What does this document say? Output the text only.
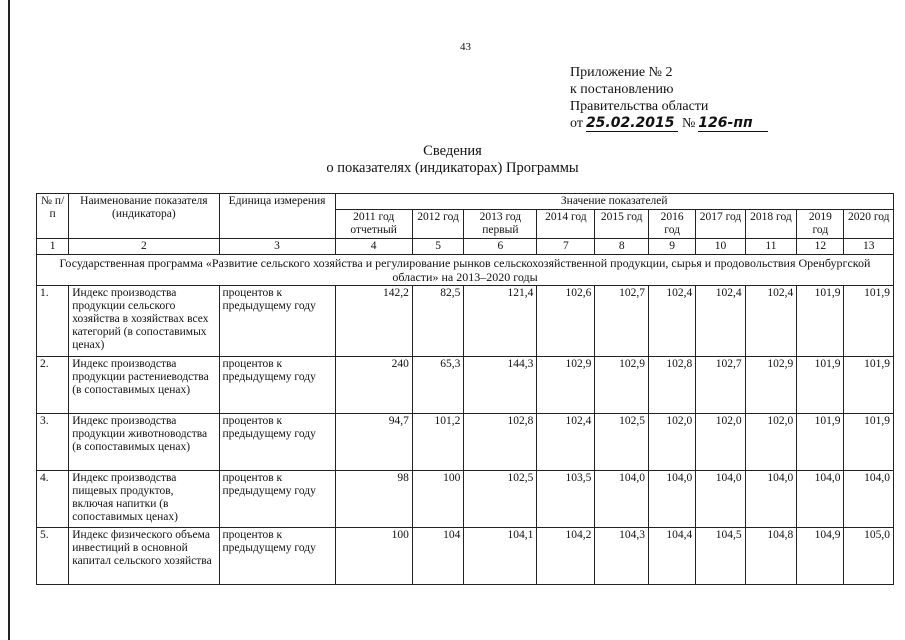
43
Приложение № 2
к постановлению
Правительства области
от 25.02.2015 № 126-пп
Сведения
о показателях (индикаторах) Программы
№ п/п	Наименование показателя (индикатора)	Единица измерения	Значение показателей									
			2011 год отчетный	2012 год	2013 год первый	2014 год	2015 год	2016 год	2017 год	2018 год	2019 год	2020 год
1	2	3	4	5	6	7	8	9	10	11	12	13
Государственная программа «Развитие сельского хозяйства и регулирование рынков сельскохозяйственной продукции, сырья и продовольствия Оренбургской области» на 2013–2020 годы												
1.	Индекс производства продукции сельского хозяйства в хозяйствах всех категорий (в сопоставимых ценах)	процентов к предыдущему году	142,2	82,5	121,4	102,6	102,7	102,4	102,4	102,4	101,9	101,9
2.	Индекс производства продукции растениеводства (в сопоставимых ценах)	процентов к предыдущему году	240	65,3	144,3	102,9	102,9	102,8	102,7	102,9	101,9	101,9
3.	Индекс производства продукции животноводства (в сопоставимых ценах)	процентов к предыдущему году	94,7	101,2	102,8	102,4	102,5	102,0	102,0	102,0	101,9	101,9
4.	Индекс производства пищевых продуктов, включая напитки (в сопоставимых ценах)	процентов к предыдущему году	98	100	102,5	103,5	104,0	104,0	104,0	104,0	104,0	104,0
5.	Индекс физического объема инвестиций в основной капитал сельского хозяйства	процентов к предыдущему году	100	104	104,1	104,2	104,3	104,4	104,5	104,8	104,9	105,0
